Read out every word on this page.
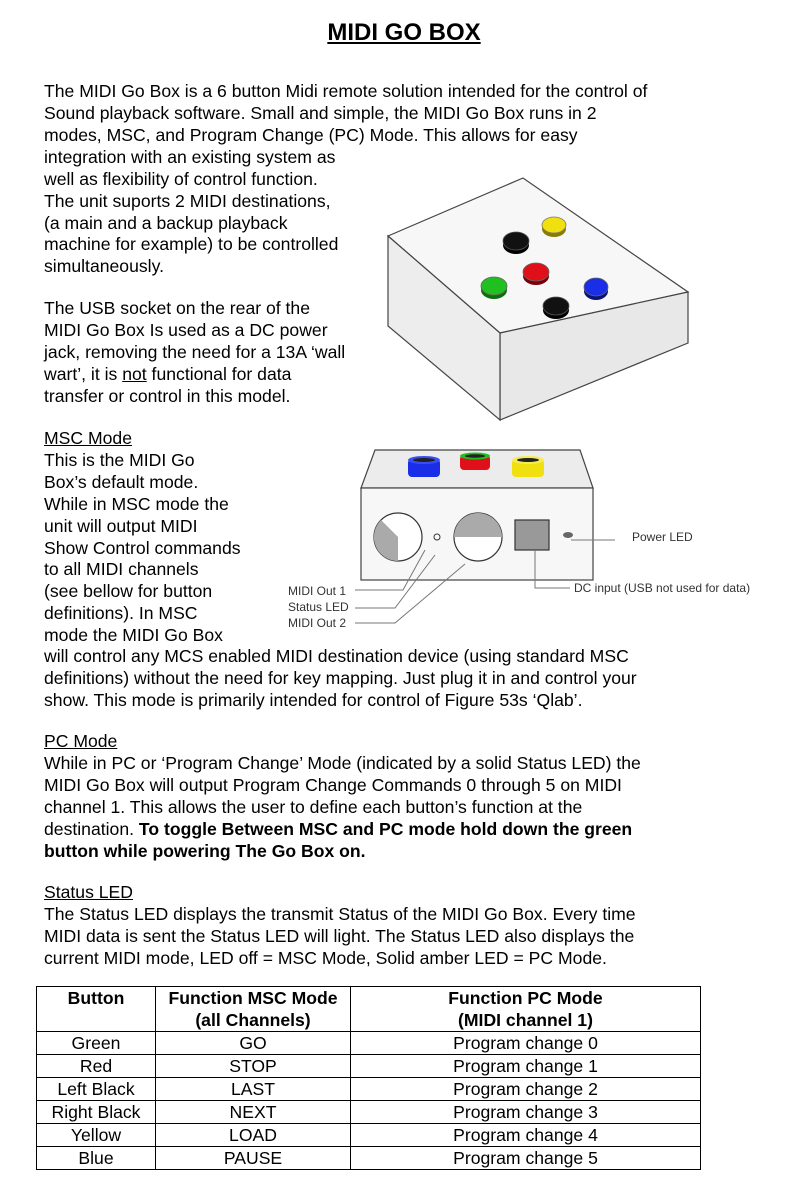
MIDI GO BOX
The MIDI Go Box is a 6 button Midi remote solution intended for the control of
Sound playback software. Small and simple, the MIDI Go Box runs in 2
modes, MSC, and Program Change (PC) Mode. This allows for easy
integration with an existing system as
well as flexibility of control function.
The unit suports 2 MIDI destinations,
(a main and a backup playback
machine for example) to be controlled
simultaneously.
The USB socket on the rear of the
MIDI Go Box Is used as a DC power
jack, removing the need for a 13A ‘wall
wart’, it is not functional for data
transfer or control in this model.
MSC Mode
This is the MIDI Go
Box’s default mode.
While in MSC mode the
unit will output MIDI
Show Control commands
to all MIDI channels
(see bellow for button
definitions). In MSC
mode the MIDI Go Box
will control any MCS enabled MIDI destination device (using standard MSC
definitions) without the need for key mapping. Just plug it in and control your
show. This mode is primarily intended for control of Figure 53s ‘Qlab’.
PC Mode
While in PC or ‘Program Change’ Mode (indicated by a solid Status LED) the
MIDI Go Box will output Program Change Commands 0 through 5 on MIDI
channel 1. This allows the user to define each button’s function at the
destination. To toggle Between MSC and PC mode hold down the green
button while powering The Go Box on.
Status LED
The Status LED displays the transmit Status of the MIDI Go Box. Every time
MIDI data is sent the Status LED will light. The Status LED also displays the
current MIDI mode, LED off = MSC Mode, Solid amber LED = PC Mode.
Power LED
DC input (USB not used for data)
MIDI Out 1
Status LED
MIDI Out 2
Button	Function MSC Mode
(all Channels)	Function PC Mode
(MIDI channel 1)
Green	GO	Program change 0
Red	STOP	Program change 1
Left Black	LAST	Program change 2
Right Black	NEXT	Program change 3
Yellow	LOAD	Program change 4
Blue	PAUSE	Program change 5
